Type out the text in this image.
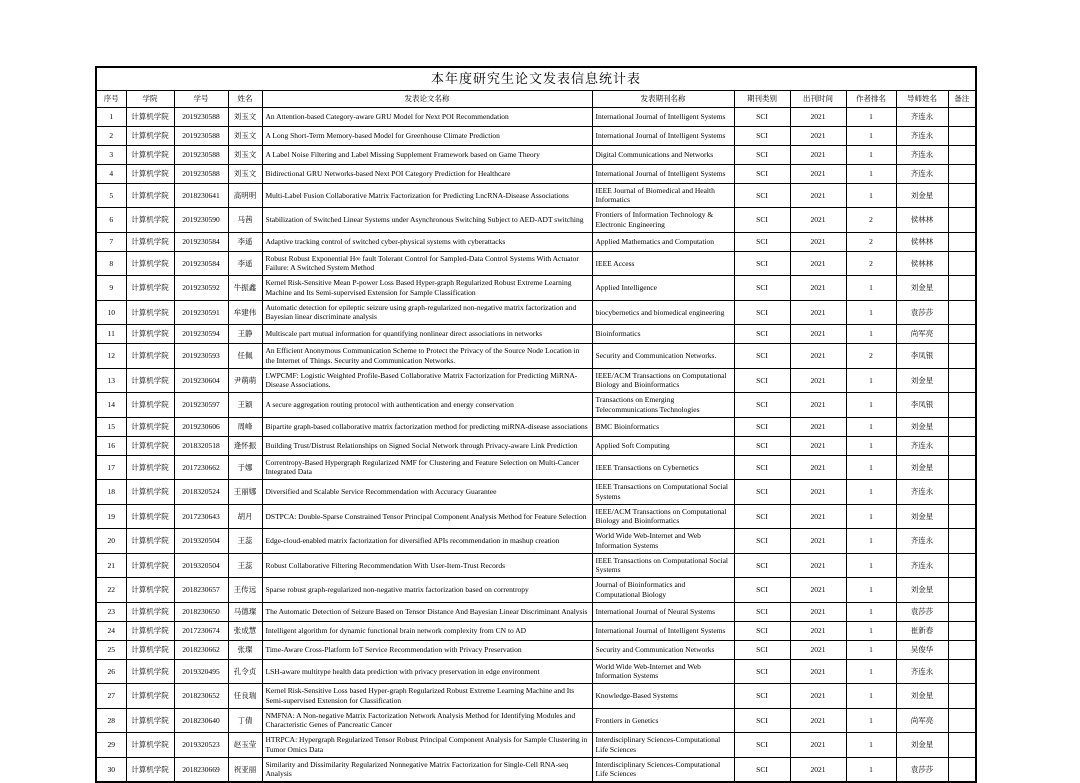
本年度研究生论文发表信息统计表										
序号	学院	学号	姓名	发表论文名称	发表期刊名称	期刊类别	出刊时间	作者排名	导师姓名	备注
1	计算机学院	2019230588	刘玉文	An Attention-based Category-aware GRU Model for Next POI Recommendation	International Journal of Intelligent Systems	SCI	2021	1	齐连永	
2	计算机学院	2019230588	刘玉文	A Long Short-Term Memory-based Model for Greenhouse Climate Prediction	International Journal of Intelligent Systems	SCI	2021	1	齐连永	
3	计算机学院	2019230588	刘玉文	A Label Noise Filtering and Label Missing Supplement Framework based on Game Theory	Digital Communications and Networks	SCI	2021	1	齐连永	
4	计算机学院	2019230588	刘玉文	Bidirectional GRU Networks-based Next POI Category Prediction for Healthcare	International Journal of Intelligent Systems	SCI	2021	1	齐连永	
5	计算机学院	2018230641	高明明	Multi-Label Fusion Collaborative Matrix Factorization for Predicting LncRNA-Disease Associations	IEEE Journal of Biomedical and Health Informatics	SCI	2021	1	刘金星	
6	计算机学院	2019230590	马茜	Stabilization of Switched Linear Systems under Asynchronous Switching Subject to AED-ADT switching	Frontiers of Information Technology & Electronic Engineering	SCI	2021	2	侯林林	
7	计算机学院	2019230584	李遥	Adaptive tracking control of switched cyber-physical systems with cyberattacks	Applied Mathematics and Computation	SCI	2021	2	侯林林	
8	计算机学院	2019230584	李遥	Robust Robust Exponential H∞ fault Tolerant Control for Sampled-Data Control Systems With Actuator Failure: A Switched System Method	IEEE Access	SCI	2021	2	侯林林	
9	计算机学院	2019230592	牛振鑫	Kernel Risk-Sensitive Mean P-power Loss Based Hyper-graph Regularized Robust Extreme Learning Machine and Its Semi-supervised Extension for Sample Classification	Applied Intelligence	SCI	2021	1	刘金星	
10	计算机学院	2019230591	牟建伟	Automatic detection for epileptic seizure using graph-regularized non-negative matrix factorization and Bayesian linear discriminate analysis	biocybernetics and biomedical engineering	SCI	2021	1	袁莎莎	
11	计算机学院	2019230594	王静	Multiscale part mutual information for quantifying nonlinear direct associations in networks	Bioinformatics	SCI	2021	1	尚军亮	
12	计算机学院	2019230593	任佩	An Efficient Anonymous Communication Scheme to Protect the Privacy of the Source Node Location in the Internet of Things. Security and Communication Networks.	Security and Communication Networks.	SCI	2021	2	李凤银	
13	计算机学院	2019230604	尹萌萌	LWPCMF: Logistic Weighted Profile-Based Collaborative Matrix Factorization for Predicting MiRNA-Disease Associations.	IEEE/ACM Transactions on Computational Biology and Bioinformatics	SCI	2021	1	刘金星	
14	计算机学院	2019230597	王颖	A secure aggregation routing protocol with authentication and energy conservation	Transactions on Emerging Telecommunications Technologies	SCI	2021	1	李凤银	
15	计算机学院	2019230606	周峰	Bipartite graph-based collaborative matrix factorization method for predicting miRNA-disease associations	BMC Bioinformatics	SCI	2021	1	刘金星	
16	计算机学院	2018320518	逄怀振	Building Trust/Distrust Relationships on Signed Social Network through Privacy-aware Link Prediction	Applied Soft Computing	SCI	2021	1	齐连永	
17	计算机学院	2017230662	于娜	Correntropy-Based Hypergraph Regularized NMF for Clustering and Feature Selection on Multi-Cancer Integrated Data	IEEE Transactions on Cybernetics	SCI	2021	1	刘金星	
18	计算机学院	2018320524	王丽娜	Diversified and Scalable Service Recommendation with Accuracy Guarantee	IEEE Transactions on Computational Social Systems	SCI	2021	1	齐连永	
19	计算机学院	2017230643	胡月	DSTPCA: Double-Sparse Constrained Tensor Principal Component Analysis Method for Feature Selection	IEEE/ACM Transactions on Computational Biology and Bioinformatics	SCI	2021	1	刘金星	
20	计算机学院	2019320504	王蕊	Edge-cloud-enabled matrix factorization for diversified APIs recommendation in mashup creation	World Wide Web-Internet and Web Information Systems	SCI	2021	1	齐连永	
21	计算机学院	2019320504	王蕊	Robust Collaborative Filtering Recommendation With User-Item-Trust Records	IEEE Transactions on Computational Social Systems	SCI	2021	1	齐连永	
22	计算机学院	2018230657	王传远	Sparse robust graph-regularized non-negative matrix factorization based on correntropy	Journal of Bioinformatics and Computational Biology	SCI	2021	1	刘金星	
23	计算机学院	2018230650	马德璨	The Automatic Detection of Seizure Based on Tensor Distance And Bayesian Linear Discriminant Analysis	International Journal of Neural Systems	SCI	2021	1	袁莎莎	
24	计算机学院	2017230674	张成慧	Intelligent algorithm for dynamic functional brain network complexity from CN to AD	International Journal of Intelligent Systems	SCI	2021	1	崔新春	
25	计算机学院	2018230662	张璨	Time-Aware Cross-Platform IoT Service Recommendation with Privacy Preservation	Security and Communication Networks	SCI	2021	1	吴俊华	
26	计算机学院	2019320495	孔令贞	LSH-aware multitype health data prediction with privacy preservation in edge environment	World Wide Web-Internet and Web Information Systems	SCI	2021	1	齐连永	
27	计算机学院	2018230652	任良瑞	Kernel Risk-Sensitive Loss based Hyper-graph Regularized Robust Extreme Learning Machine and Its Semi-supervised Extension for Classification	Knowledge-Based Systems	SCI	2021	1	刘金星	
28	计算机学院	2018230640	丁倩	NMFNA: A Non-negative Matrix Factorization Network Analysis Method for Identifying Modules and Characteristic Genes of Pancreatic Cancer	Frontiers in Genetics	SCI	2021	1	尚军亮	
29	计算机学院	2019320523	赵玉莹	HTRPCA: Hypergraph Regularized Tensor Robust Principal Component Analysis for Sample Clustering in Tumor Omics Data	Interdisciplinary Sciences-Computational Life Sciences	SCI	2021	1	刘金星	
30	计算机学院	2018230669	祝亚丽	Similarity and Dissimilarity Regularized Nonnegative Matrix Factorization for Single-Cell RNA-seq Analysis	Interdisciplinary Sciences-Computational Life Sciences	SCI	2021	1	袁莎莎	
